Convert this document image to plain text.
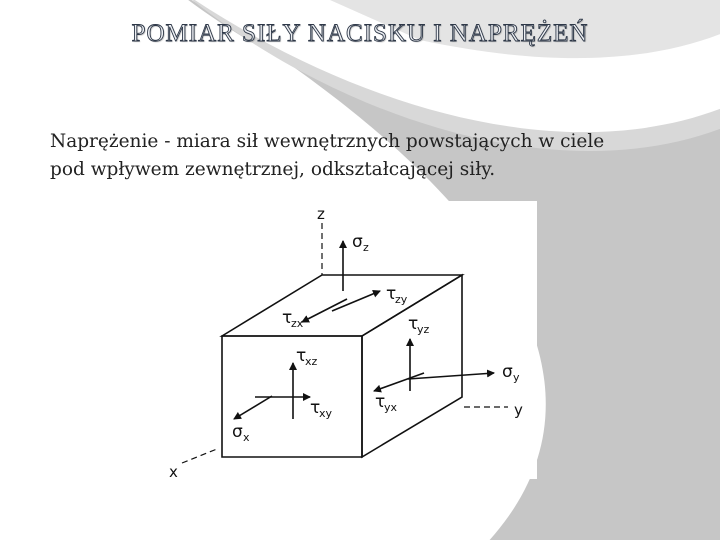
POMIAR SIŁY NACISKU I NAPRĘŻEŃ
Naprężenie - miara sił wewnętrznych powstających w ciele
pod wpływem zewnętrznej, odkształcającej siły.
z
y
x
σ z
τ
zy
τ
zx	τ
yz
τ
xz
σ y
τ
yx
τ
xy
σ x
